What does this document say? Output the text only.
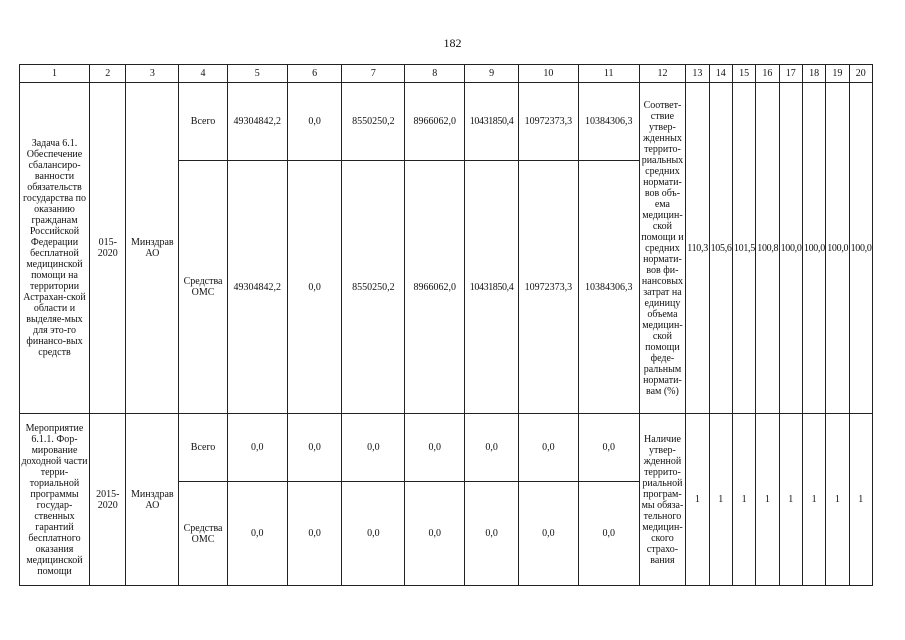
182
1	2	3	4	5	6	7	8	9	10	11	12	13	14	15	16	17	18	19	20
Задача 6.1. Обеспечение сбалансиро-ванности обязательств государства по оказанию гражданам Российской Федерации бесплатной медицинской помощи на территории Астрахан-ской области и выделяе-мых для это-го финансо-вых средств	015-2020	Минздрав АО	Всего	49304842,2	0,0	8550250,2	8966062,0	10431850,4	10972373,3	10384306,3	Соответ-ствие утвер-жденных террито-риальных средних нормати-вов объ-ема медицин-ской помощи и средних нормати-вов фи-нансовых затрат на единицу объема медицин-ской помощи феде-ральным нормати-вам (%)	110,3	105,6	101,5	100,8	100,0	100,0	100,0	100,0
			Средства ОМС	49304842,2	0,0	8550250,2	8966062,0	10431850,4	10972373,3	10384306,3									
Мероприятие 6.1.1. Фор-мирование доходной части терри-ториальной программы государ-ственных гарантий бесплатного оказания медицинской помощи	2015-2020	Минздрав АО	Всего	0,0	0,0	0,0	0,0	0,0	0,0	0,0	Наличие утвер-жденной террито-риальной програм-мы обяза-тельного медицин-ского страхо-вания	1	1	1	1	1	1	1	1
			Средства ОМС	0,0	0,0	0,0	0,0	0,0	0,0	0,0									
